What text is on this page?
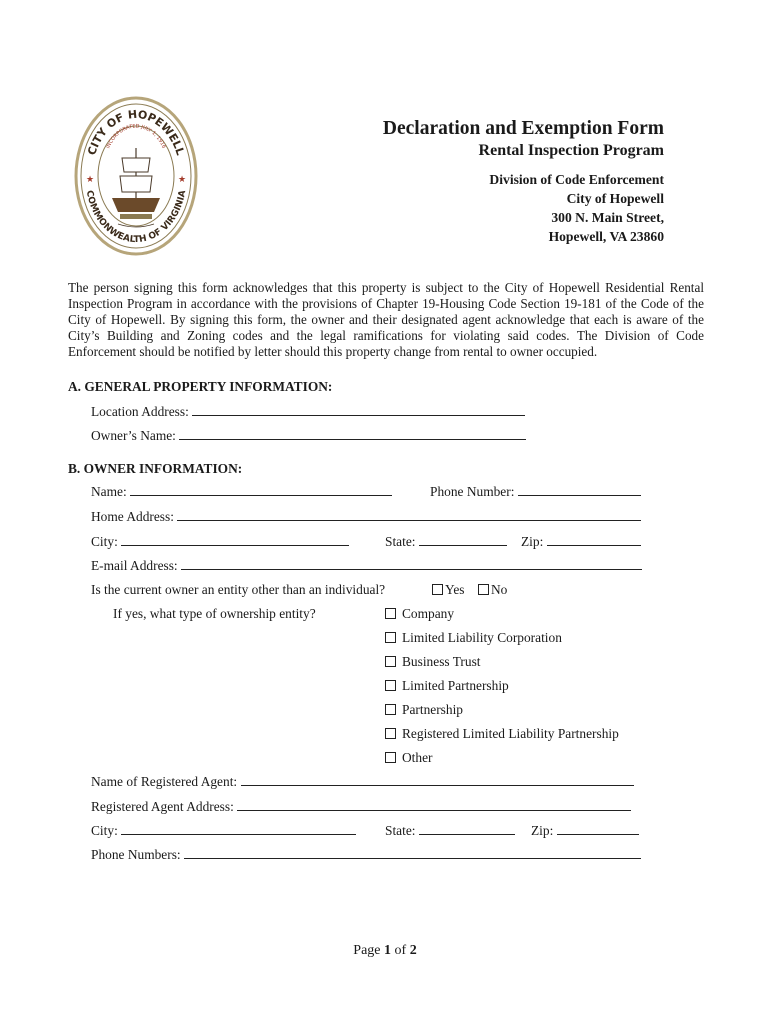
CITY OF HOPEWELL
INCORPORATED JULY 1, 1916
COMMONWEALTH OF VIRGINIA
★	★
Declaration and Exemption Form
Rental Inspection Program
Division of Code Enforcement
City of Hopewell
300 N. Main Street,
Hopewell, VA 23860
The person signing this form acknowledges that this property is subject to the City of Hopewell Residential Rental Inspection Program in accordance with the provisions of Chapter 19-Housing Code Section 19-181 of the Code of the City of Hopewell. By signing this form, the owner and their designated agent acknowledge that each is aware of the City’s Building and Zoning codes and the legal ramifications for violating said codes. The Division of Code Enforcement should be notified by letter should this property change from rental to owner occupied.
A. GENERAL PROPERTY INFORMATION:
Location Address:
Owner’s Name:
B. OWNER INFORMATION:
Name:	Phone Number:
Home Address:
City:	State:	Zip:
E-mail Address:
Is the current owner an entity other than an individual?	Yes	No
If yes, what type of ownership entity?	Company
Limited Liability Corporation
Business Trust
Limited Partnership
Partnership
Registered Limited Liability Partnership
Other
Name of Registered Agent:
Registered Agent Address:
City:	State:	Zip:
Phone Numbers:
Page 1 of 2
